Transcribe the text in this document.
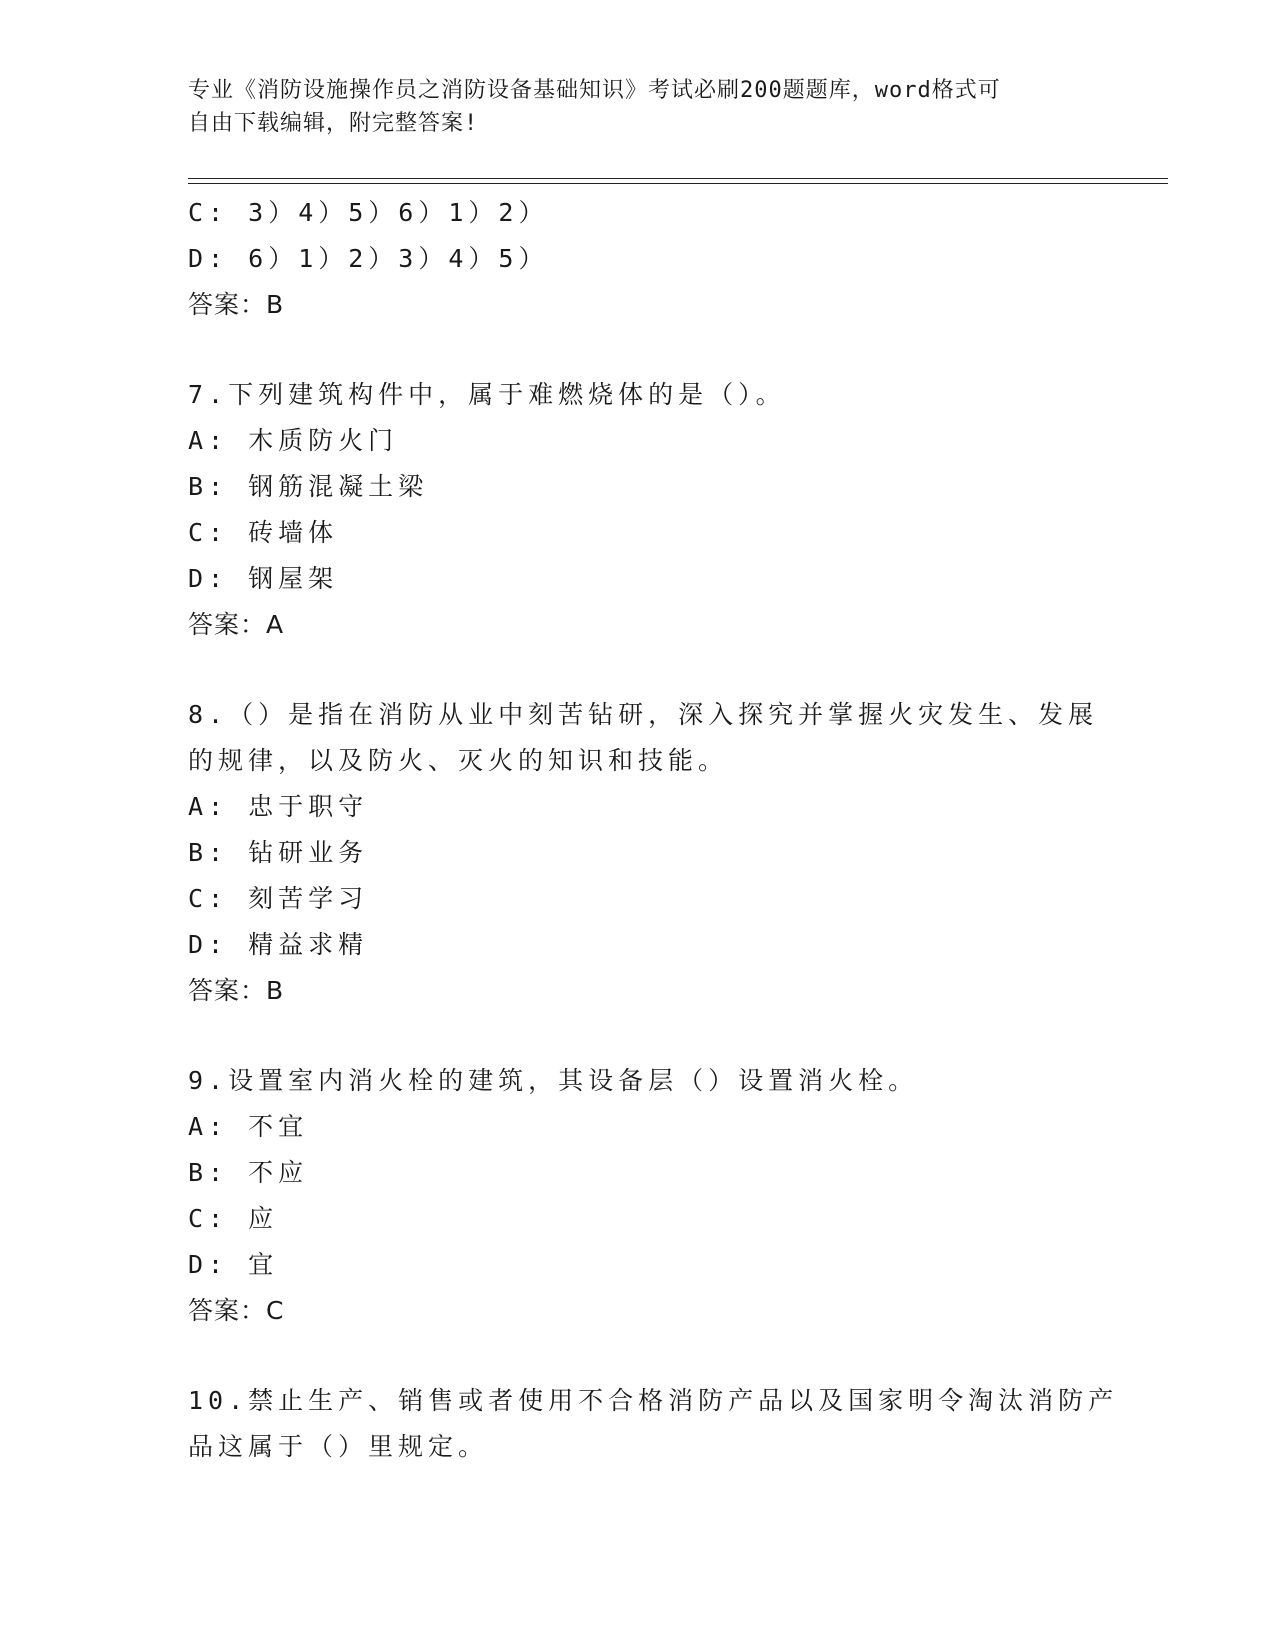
专业《消防设施操作员之消防设备基础知识》考试必刷200题题库，word格式可
自由下载编辑，附完整答案!
C: 3）4）5）6）1）2）
D: 6）1）2）3）4）5）
答案：B
7.下列建筑构件中，属于难燃烧体的是（）。
A: 木质防火门
B: 钢筋混凝土梁
C: 砖墙体
D: 钢屋架
答案：A
8.（）是指在消防从业中刻苦钻研，深入探究并掌握火灾发生、发展
的规律，以及防火、灭火的知识和技能。
A: 忠于职守
B: 钻研业务
C: 刻苦学习
D: 精益求精
答案：B
9.设置室内消火栓的建筑，其设备层（）设置消火栓。
A: 不宜
B: 不应
C: 应
D: 宜
答案：C
10.禁止生产、销售或者使用不合格消防产品以及国家明令淘汰消防产
品这属于（）里规定。
